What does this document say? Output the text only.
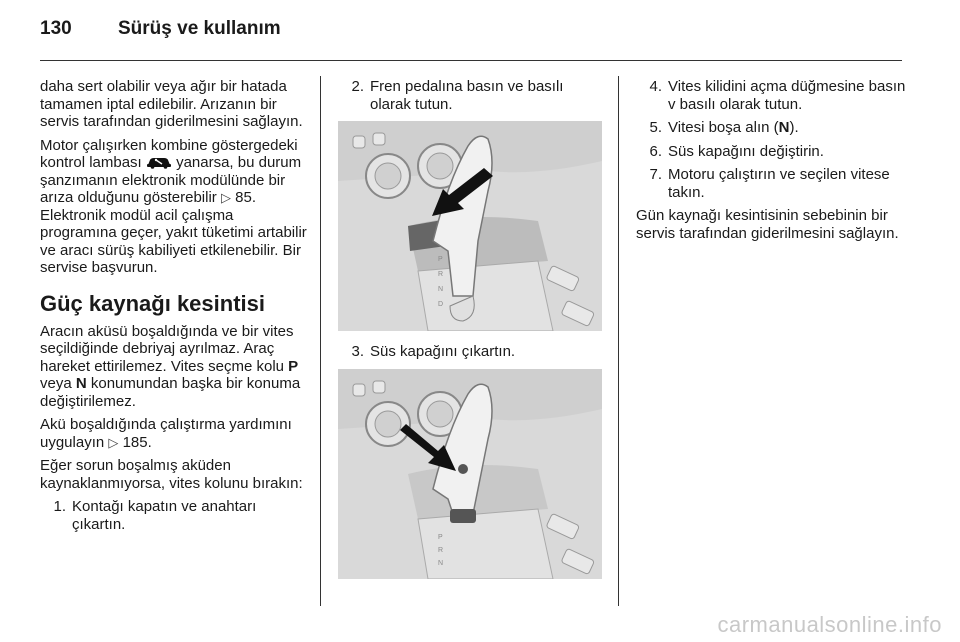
130 Sürüş ve kullanım

daha sert olabilir veya ağır bir hatada tamamen iptal edilebilir. Arızanın bir servis tarafından giderilmesini sağlayın.

Motor çalışırken kombine göstergedeki kontrol lambası yanarsa, bu durum şanzımanın elektronik modülünde bir arıza olduğunu gösterebilir ▷ 85. Elektronik modül acil çalışma programına geçer, yakıt tüketimi artabilir ve aracı sürüş kabiliyeti etkilenebilir. Bir servise başvurun.

Güç kaynağı kesintisi

Aracın aküsü boşaldığında ve bir vites seçildiğinde debriyaj ayrılmaz. Araç hareket ettirilemez. Vites seçme kolu P veya N konumundan başka bir konuma değiştirilemez.

Akü boşaldığında çalıştırma yardımını uygulayın ▷ 185.

Eğer sorun boşalmış aküden kaynaklanmıyorsa, vites kolunu bırakın:

1. Kontağı kapatın ve anahtarı çıkartın.
2. Fren pedalına basın ve basılı olarak tutun.
P
R
N
D
3. Süs kapağını çıkartın.
P
R
N
4. Vites kilidini açma düğmesine basın v basılı olarak tutun.
5. Vitesi boşa alın (N).
6. Süs kapağını değiştirin.
7. Motoru çalıştırın ve seçilen vitese takın.

Gün kaynağı kesintisinin sebebinin bir servis tarafından giderilmesini sağlayın.

carmanualsonline.info
